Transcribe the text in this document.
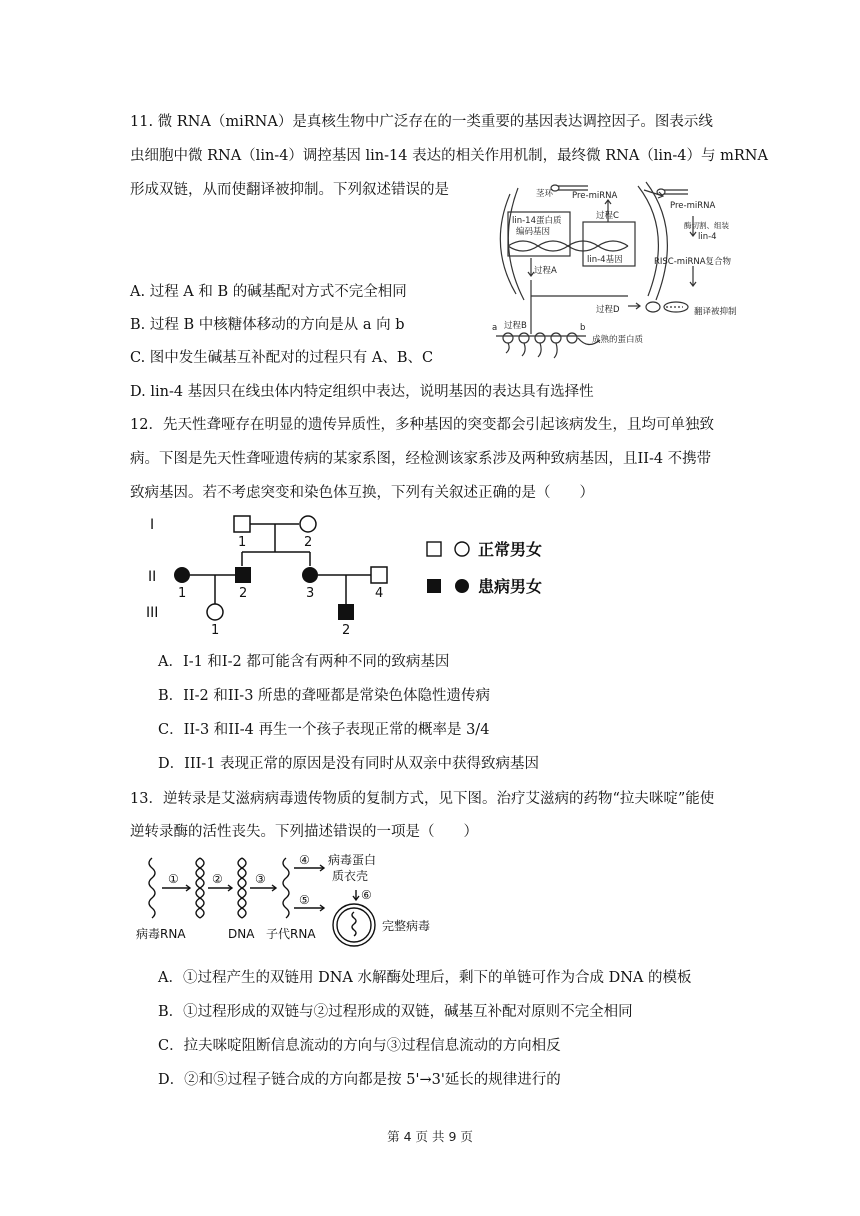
11. 微 RNA（miRNA）是真核生物中广泛存在的一类重要的基因表达调控因子。图表示线
虫细胞中微 RNA（lin-4）调控基因 lin-14 表达的相关作用机制，最终微 RNA（lin-4）与 mRNA
形成双链，从而使翻译被抑制。下列叙述错误的是
A. 过程 A 和 B 的碱基配对方式不完全相同
B. 过程 B 中核糖体移动的方向是从 a 向 b
C. 图中发生碱基互补配对的过程只有 A、B、C
D. lin-4 基因只在线虫体内特定组织中表达，说明基因的表达具有选择性
茎环 Pre-miRNA
Pre-miRNA
lin-14蛋白质
编码基因
过程C
酶切割、组装
lin-4
lin-4基因
过程A
RISC-miRNA复合物
过程D	翻译被抑制
a 过程B	b
成熟的蛋白质
12．先天性聋哑存在明显的遗传异质性，多种基因的突变都会引起该病发生，且均可单独致
病。下图是先天性聋哑遗传病的某家系图，经检测该家系涉及两种致病基因，且II-4 不携带
致病基因。若不考虑突变和染色体互换，下列有关叙述正确的是（　　）
I
II
III
1	2
1	2	3	4
1	2
正常男女
患病男女
A．I-1 和I-2 都可能含有两种不同的致病基因
B．II-2 和II-3 所患的聋哑都是常染色体隐性遗传病
C．II-3 和II-4 再生一个孩子表现正常的概率是 3/4
D．III-1 表现正常的原因是没有同时从双亲中获得致病基因
13．逆转录是艾滋病病毒遗传物质的复制方式，见下图。治疗艾滋病的药物“拉夫咪啶”能使
逆转录酶的活性丧失。下列描述错误的一项是（　　）
①	②	③
④
⑤	⑥
病毒RNA	DNA 子代RNA
病毒蛋白
质衣壳
完整病毒
A．①过程产生的双链用 DNA 水解酶处理后，剩下的单链可作为合成 DNA 的模板
B．①过程形成的双链与②过程形成的双链，碱基互补配对原则不完全相同
C．拉夫咪啶阻断信息流动的方向与③过程信息流动的方向相反
D．②和⑤过程子链合成的方向都是按 5'→3'延长的规律进行的
第 4 页 共 9 页
